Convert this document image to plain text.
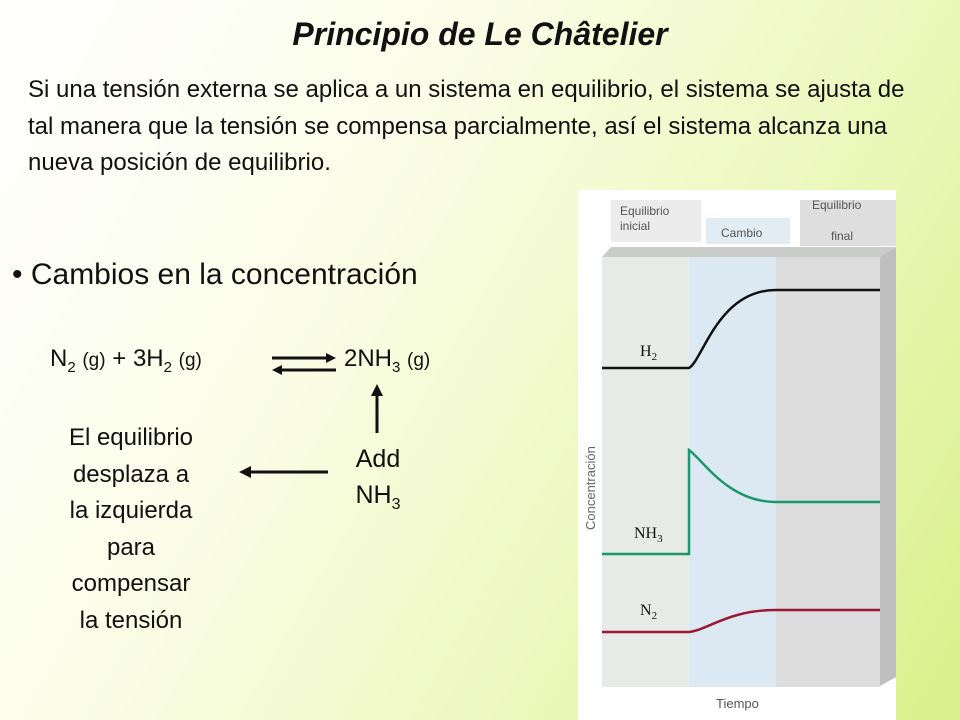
Principio de Le Châtelier

Si una tensión externa se aplica a un sistema en equilibrio, el sistema se ajusta de tal manera que la tensión se compensa parcialmente, así el sistema alcanza una nueva posición de equilibrio.

• Cambios en la concentración
$N_2$ $(g) + 3H_2$ (g)	$2NH_3$ (g)
Add
$NH_3$
El equilibrio
desplaza a
la izquierda
para
compensar
la tensión
Equilibrio
inicial	Cambio
Equilibrio
final
$H_2$
$NH_3$
$N_2$
Concentración
Tiempo
